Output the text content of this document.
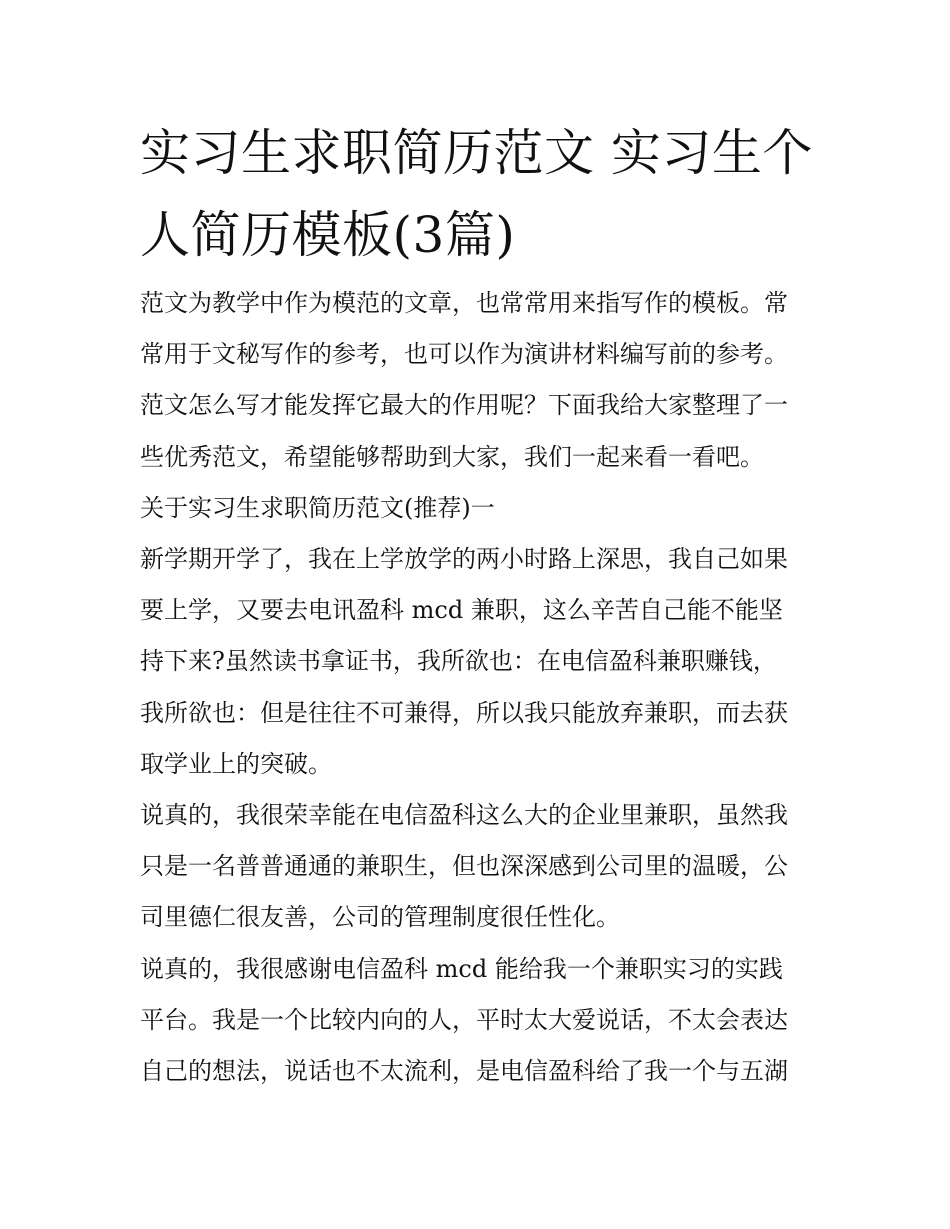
实习生求职简历范文 实习生个
人简历模板(3篇)

范文为教学中作为模范的文章，也常常用来指写作的模板。常
常用于文秘写作的参考，也可以作为演讲材料编写前的参考。
范文怎么写才能发挥它最大的作用呢？下面我给大家整理了一
些优秀范文，希望能够帮助到大家，我们一起来看一看吧。

关于实习生求职简历范文(推荐)一

新学期开学了，我在上学放学的两小时路上深思，我自己如果
要上学，又要去电讯盈科 mcd 兼职，这么辛苦自己能不能坚
持下来?虽然读书拿证书，我所欲也：在电信盈科兼职赚钱，
我所欲也：但是往往不可兼得，所以我只能放弃兼职，而去获
取学业上的突破。

说真的，我很荣幸能在电信盈科这么大的企业里兼职，虽然我
只是一名普普通通的兼职生，但也深深感到公司里的温暖，公
司里德仁很友善，公司的管理制度很任性化。

说真的，我很感谢电信盈科 mcd 能给我一个兼职实习的实践
平台。我是一个比较内向的人，平时太大爱说话，不太会表达
自己的想法，说话也不太流利，是电信盈科给了我一个与五湖
